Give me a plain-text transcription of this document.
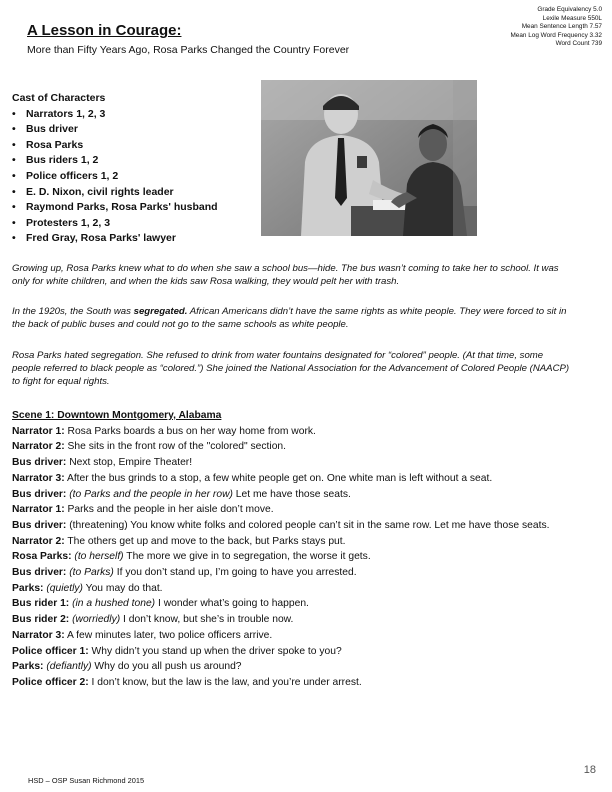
A Lesson in Courage:
More than Fifty Years Ago, Rosa Parks Changed the Country Forever
Grade Equivalency 5.0
Lexile Measure 550L
Mean Sentence Length 7.57
Mean Log Word Frequency 3.32
Word Count 739
Cast of Characters
• Narrators 1, 2, 3
• Bus driver
• Rosa Parks
• Bus riders 1, 2
• Police officers 1, 2
• E. D. Nixon, civil rights leader
• Raymond Parks, Rosa Parks' husband
• Protesters 1, 2, 3
• Fred Gray, Rosa Parks' lawyer
Growing up, Rosa Parks knew what to do when she saw a school bus—hide. The bus wasn’t coming to take her to school. It was only for white children, and when the kids saw Rosa walking, they would pelt her with trash.
In the 1920s, the South was segregated. African Americans didn’t have the same rights as white people. They were forced to sit in the back of public buses and could not go to the same schools as white people.
Rosa Parks hated segregation. She refused to drink from water fountains designated for “colored” people. (At that time, some people referred to black people as “colored.”) She joined the National Association for the Advancement of Colored People (NAACP) to fight for equal rights.
Scene 1: Downtown Montgomery, Alabama
Narrator 1: Rosa Parks boards a bus on her way home from work.
Narrator 2: She sits in the front row of the "colored" section.
Bus driver: Next stop, Empire Theater!
Narrator 3: After the bus grinds to a stop, a few white people get on. One white man is left without a seat.
Bus driver: (to Parks and the people in her row) Let me have those seats.
Narrator 1: Parks and the people in her aisle don’t move.
Bus driver: (threatening) You know white folks and colored people can’t sit in the same row. Let me have those seats.
Narrator 2: The others get up and move to the back, but Parks stays put.
Rosa Parks: (to herself) The more we give in to segregation, the worse it gets.
Bus driver: (to Parks) If you don’t stand up, I’m going to have you arrested.
Parks: (quietly) You may do that.
Bus rider 1: (in a hushed tone) I wonder what’s going to happen.
Bus rider 2: (worriedly) I don’t know, but she’s in trouble now.
Narrator 3: A few minutes later, two police officers arrive.
Police officer 1: Why didn’t you stand up when the driver spoke to you?
Parks: (defiantly) Why do you all push us around?
Police officer 2: I don’t know, but the law is the law, and you’re under arrest.
HSD – OSP Susan Richmond 2015
18
